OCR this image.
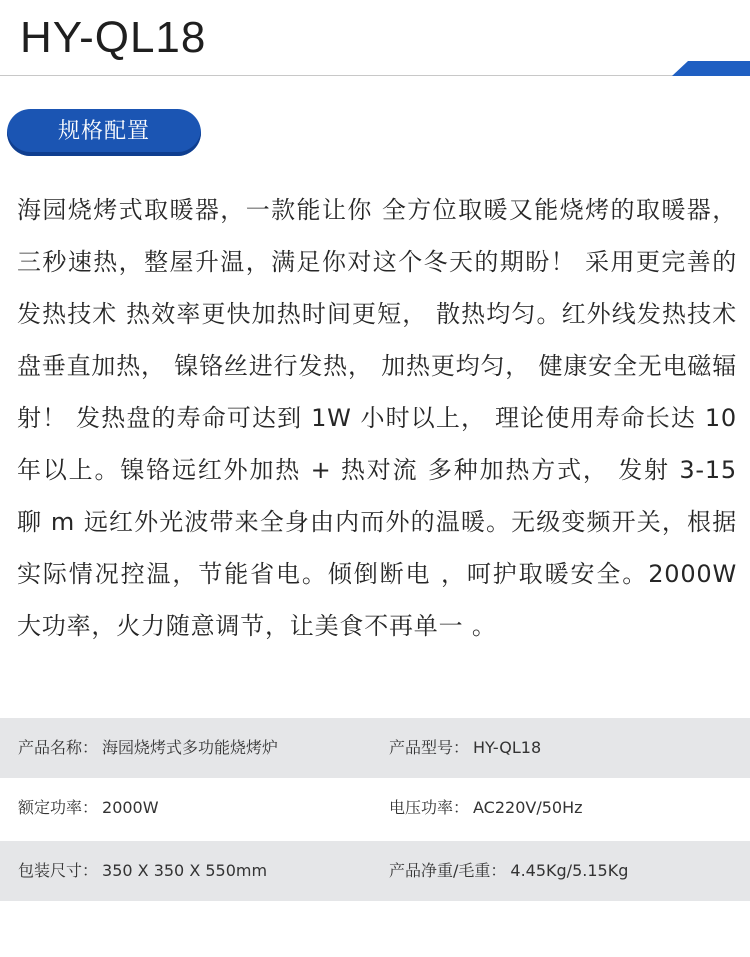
HY-QL18
规格配置

海园烧烤式取暖器，一款能让你 全方位取暖又能烧烤的取暖器，三秒速热，整屋升温，满足你对这个冬天的期盼！ 采用更完善的发热技术 热效率更快加热时间更短， 散热均匀。红外线发热技术 盘垂直加热， 镍铬丝进行发热， 加热更均匀， 健康安全无电磁辐射！ 发热盘的寿命可达到 1W 小时以上， 理论使用寿命长达 10 年以上。镍铬远红外加热 + 热对流 多种加热方式， 发射 3-15 聊 m 远红外光波带来全身由内而外的温暖。无级变频开关，根据实际情况控温，节能省电。倾倒断电 ，呵护取暖安全。2000W 大功率，火力随意调节，让美食不再单一 。

产品名称： 海园烧烤式多功能烧烤炉	产品型号： HY-QL18
额定功率： 2000W	电压功率： AC220V/50Hz
包装尺寸： 350 X 350 X 550mm	产品净重/毛重： 4.45Kg/5.15Kg
